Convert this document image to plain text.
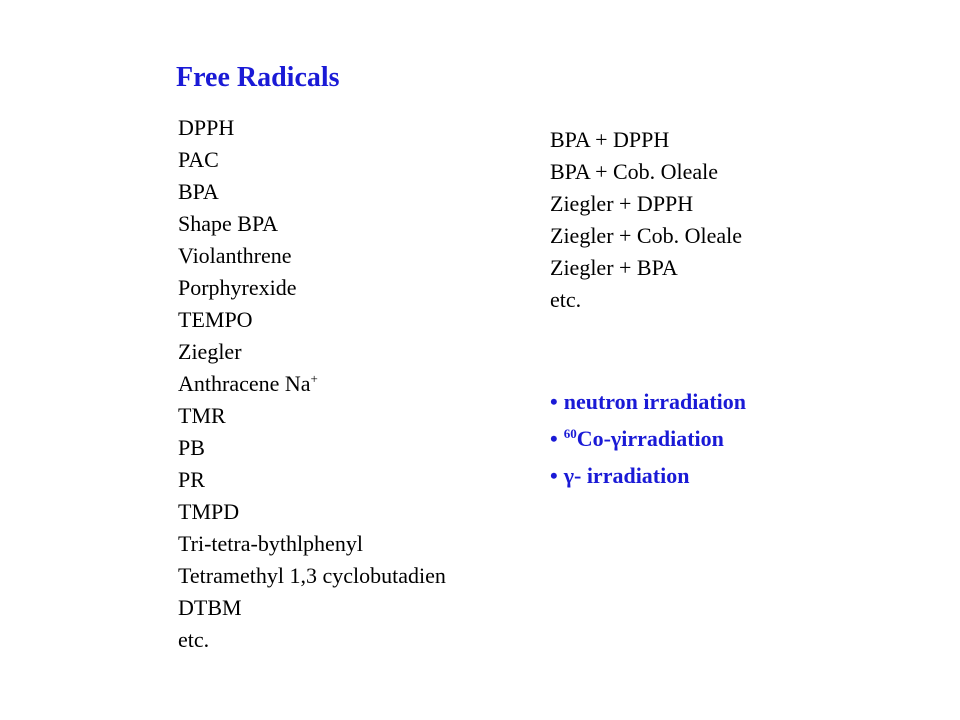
Free Radicals
DPPH
PAC
BPA
Shape BPA
Violanthrene
Porphyrexide
TEMPO
Ziegler
Anthracene Na+
TMR
PB
PR
TMPD
Tri-tetra-bythlphenyl
Tetramethyl 1,3 cyclobutadien
DTBM
etc.
BPA + DPPH
BPA + Cob. Oleale
Ziegler + DPPH
Ziegler + Cob. Oleale
Ziegler + BPA
etc.
• neutron irradiation
• $^{60}$Co-γirradiation
• γ- irradiation
